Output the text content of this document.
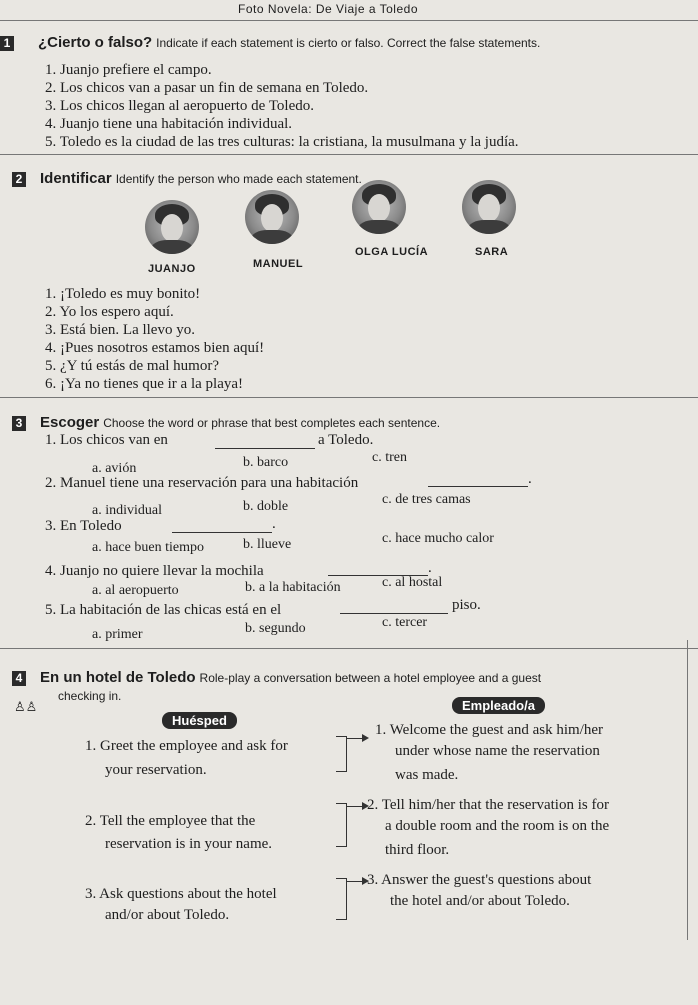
Foto Novela: De Viaje a Toledo
1 ¿Cierto o falso? Indicate if each statement is cierto or falso. Correct the false statements.
1. Juanjo prefiere el campo.
2. Los chicos van a pasar un fin de semana en Toledo.
3. Los chicos llegan al aeropuerto de Toledo.
4. Juanjo tiene una habitación individual.
5. Toledo es la ciudad de las tres culturas: la cristiana, la musulmana y la judía.
2 Identificar Identify the person who made each statement.
JUANJO	MANUEL
OLGA LUCÍA	SARA
1. ¡Toledo es muy bonito!
2. Yo los espero aquí.
3. Está bien. La llevo yo.
4. ¡Pues nosotros estamos bien aquí!
5. ¿Y tú estás de mal humor?
6. ¡Ya no tienes que ir a la playa!
3 Escoger Choose the word or phrase that best completes each sentence.
1. Los chicos van en	a Toledo.
a. avión	b. barco	c. tren
2. Manuel tiene una reservación para una habitación	.
a. individual	b. doble	c. de tres camas
3. En Toledo	.
a. hace buen tiempo	b. llueve	c. hace mucho calor
4. Juanjo no quiere llevar la mochila	.
a. al aeropuerto	b. a la habitación	c. al hostal
5. La habitación de las chicas está en el	piso.
a. primer	b. segundo	c. tercer
4 En un hotel de Toledo Role-play a conversation between a hotel employee and a guest
checking in.
♙♙
Huésped
Empleado/a
1. Greet the employee and ask for
your reservation.
2. Tell the employee that the
reservation is in your name.
3. Ask questions about the hotel
and/or about Toledo.
1. Welcome the guest and ask him/her
under whose name the reservation
was made.
2. Tell him/her that the reservation is for
a double room and the room is on the
third floor.
3. Answer the guest's questions about
the hotel and/or about Toledo.
